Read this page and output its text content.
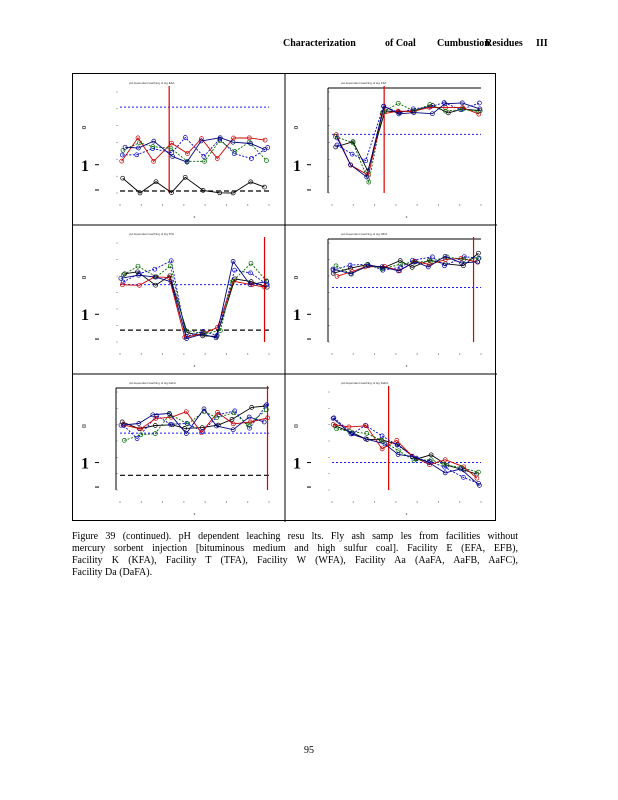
Characterization	of Coal Cumbustion
Residues III
pH dependent leaching of Hg EFA
¤
1
pH dependent leaching of Hg KFA
¤
1
pH dependent leaching of Hg TFA
¤
1
pH dependent leaching of Hg WFA
¤
1
pH dependent leaching of Hg AaFA
¤
1
pH dependent leaching of Hg DaFA
¤
1
Figure 39 (continued). pH dependent leaching resu lts. Fly ash samp les from facilities without
mercury sorbent injection [bituminous medium and high sulfur coal]. Facility E (EFA, EFB),
Facility K (KFA), Facility T (TFA), Facility W (WFA), Facility Aa (AaFA, AaFB, AaFC),
Facility Da (DaFA).
95
